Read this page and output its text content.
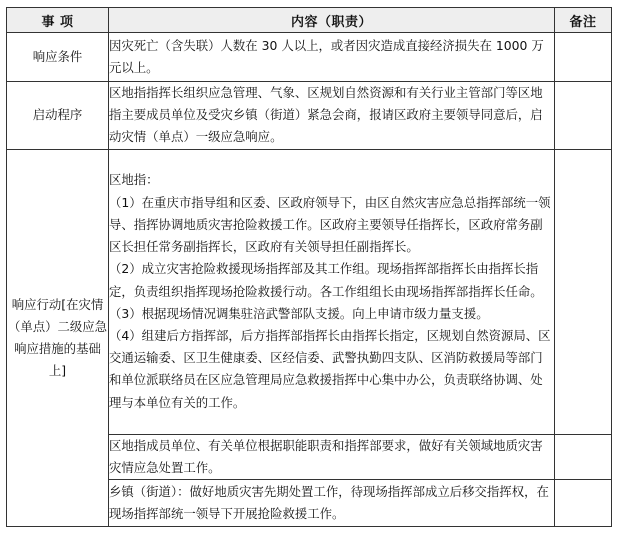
事 项	内容（职责）	备注
响应条件	因灾死亡（含失联）人数在 30 人以上，或者因灾造成直接经济损失在 1000 万元以上。	

启动程序	区地指指挥长组织应急管理、气象、区规划自然资源和有关行业主管部门等区地指主要成员单位及受灾乡镇（街道）紧急会商，报请区政府主要领导同意后，启动灾情（单点）一级应急响应。	

响应行动[在灾情（单点）二级应急响应措施的基础上]	区地指：
（1）在重庆市指导组和区委、区政府领导下，由区自然灾害应急总指挥部统一领导、指挥协调地质灾害抢险救援工作。区政府主要领导任指挥长，区政府常务副区长担任常务副指挥长，区政府有关领导担任副指挥长。
（2）成立灾害抢险救援现场指挥部及其工作组。现场指挥部指挥长由指挥长指定，负责组织指挥现场抢险救援行动。各工作组组长由现场指挥部指挥长任命。
（3）根据现场情况调集驻涪武警部队支援。向上申请市级力量支援。
（4）组建后方指挥部，后方指挥部指挥长由指挥长指定，区规划自然资源局、区交通运输委、区卫生健康委、区经信委、武警执勤四支队、区消防救援局等部门和单位派联络员在区应急管理局应急救援指挥中心集中办公，负责联络协调、处理与本单位有关的工作。	

	区地指成员单位、有关单位根据职能职责和指挥部要求，做好有关领域地质灾害灾情应急处置工作。	

	乡镇（街道）：做好地质灾害先期处置工作，待现场指挥部成立后移交指挥权，在现场指挥部统一领导下开展抢险救援工作。	
